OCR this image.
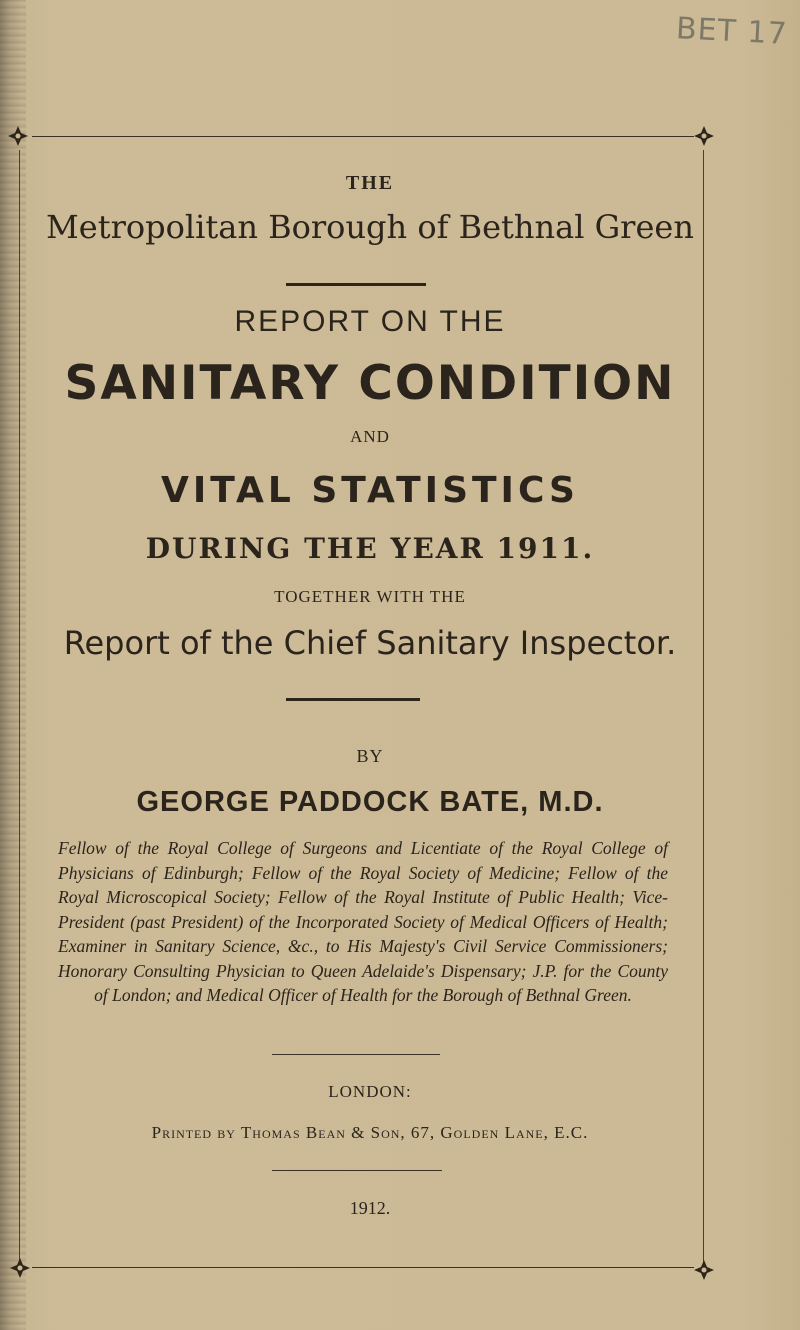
BET 17
THE
Metropolitan Borough of Bethnal Green
REPORT ON THE
SANITARY CONDITION
AND
VITAL STATISTICS
DURING THE YEAR 1911.
TOGETHER WITH THE
Report of the Chief Sanitary Inspector.
BY
GEORGE PADDOCK BATE, M.D.
Fellow of the Royal College of Surgeons and Licentiate of the Royal College of Physicians of Edinburgh; Fellow of the Royal Society of Medicine; Fellow of the Royal Microscopical Society; Fellow of the Royal Institute of Public Health; Vice-President (past President) of the Incorporated Society of Medical Officers of Health; Examiner in Sanitary Science, &c., to His Majesty's Civil Service Commissioners; Honorary Consulting Physician to Queen Adelaide's Dispensary; J.P. for the County of London; and Medical Officer of Health for the Borough of Bethnal Green.
LONDON:
Printed by Thomas Bean & Son, 67, Golden Lane, E.C.
1912.
